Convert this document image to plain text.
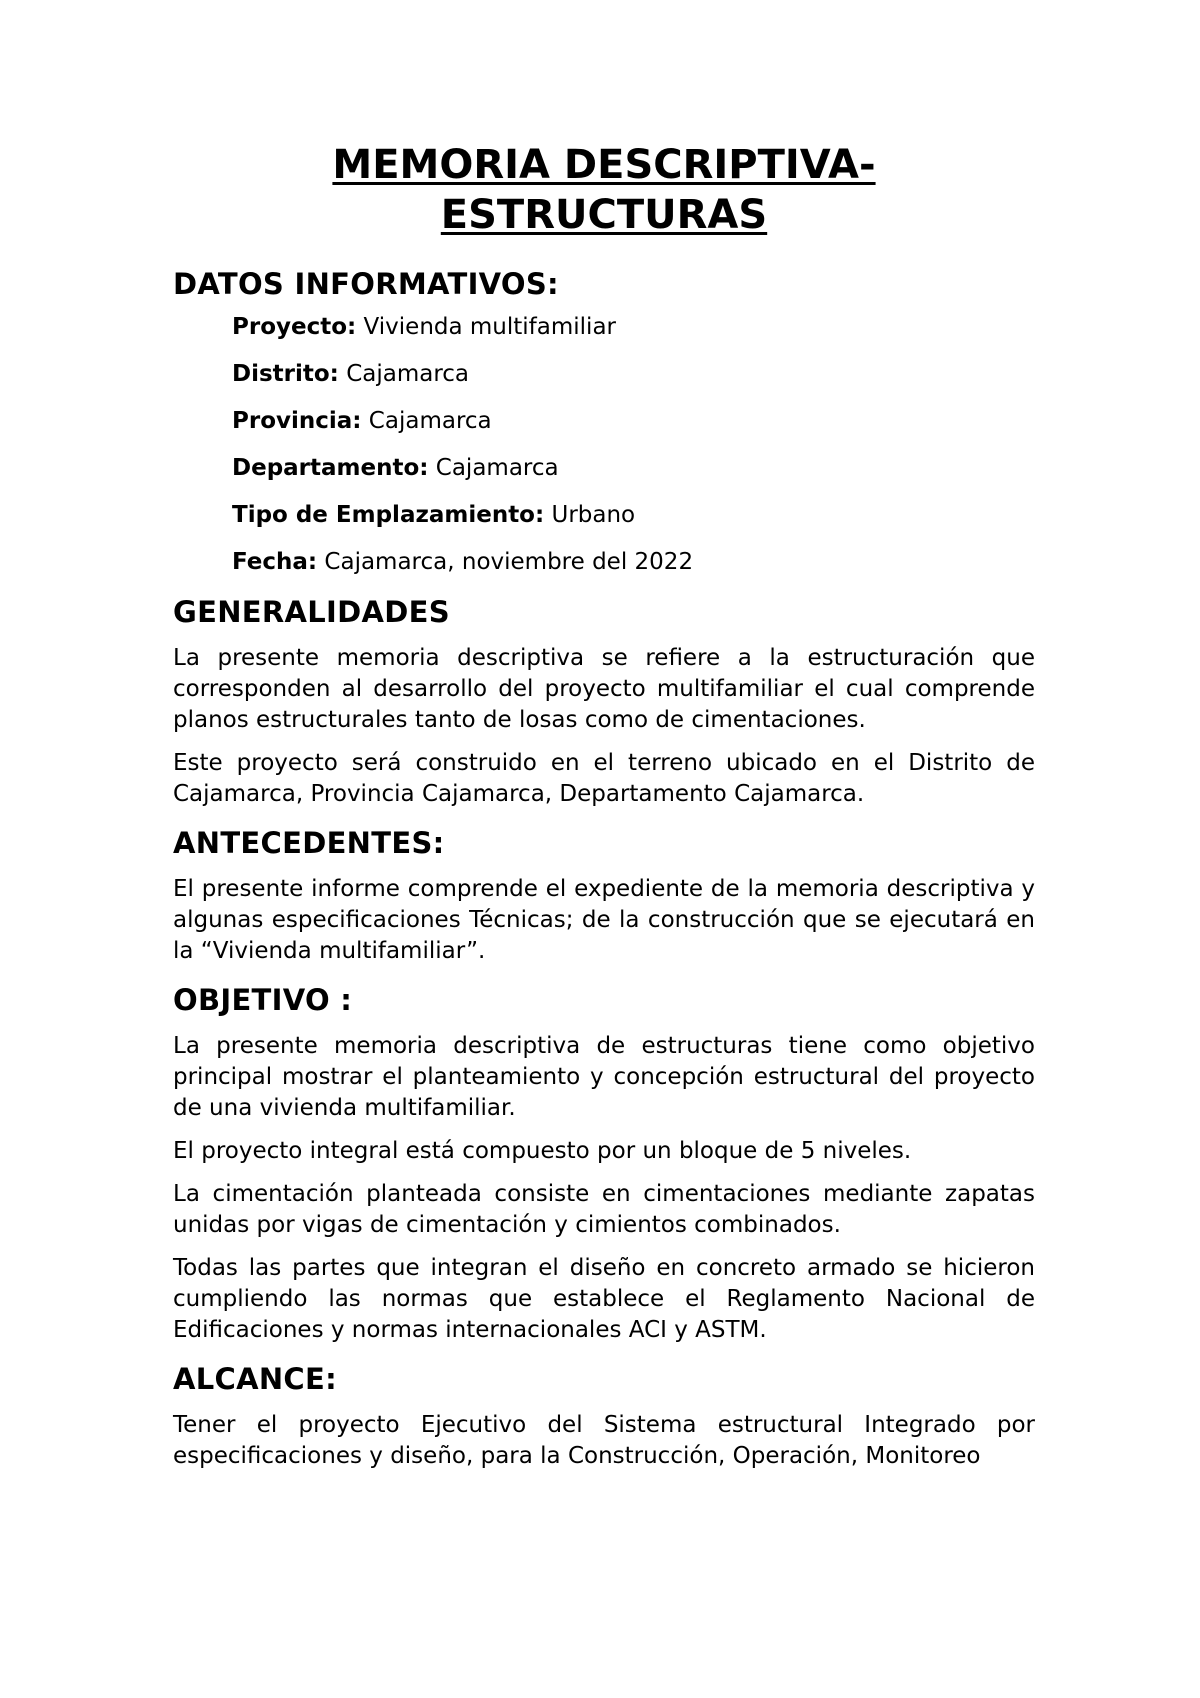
MEMORIA DESCRIPTIVA-
ESTRUCTURAS
DATOS INFORMATIVOS:
Proyecto: Vivienda multifamiliar
Distrito: Cajamarca
Provincia: Cajamarca
Departamento: Cajamarca
Tipo de Emplazamiento: Urbano
Fecha: Cajamarca, noviembre del 2022
GENERALIDADES

La presente memoria descriptiva se refiere a la estructuración que corresponden al desarrollo del proyecto multifamiliar el cual comprende planos estructurales tanto de losas como de cimentaciones.

Este proyecto será construido en el terreno ubicado en el Distrito de Cajamarca, Provincia Cajamarca, Departamento Cajamarca.

ANTECEDENTES:

El presente informe comprende el expediente de la memoria descriptiva y algunas especificaciones Técnicas; de la construcción que se ejecutará en la “Vivienda multifamiliar”.

OBJETIVO :

La presente memoria descriptiva de estructuras tiene como objetivo principal mostrar el planteamiento y concepción estructural del proyecto de una vivienda multifamiliar.

El proyecto integral está compuesto por un bloque de 5 niveles.

La cimentación planteada consiste en cimentaciones mediante zapatas unidas por vigas de cimentación y cimientos combinados.

Todas las partes que integran el diseño en concreto armado se hicieron cumpliendo las normas que establece el Reglamento Nacional de Edificaciones y normas internacionales ACI y ASTM.

ALCANCE:

Tener el proyecto Ejecutivo del Sistema estructural Integrado por especificaciones y diseño, para la Construcción, Operación, Monitoreo
